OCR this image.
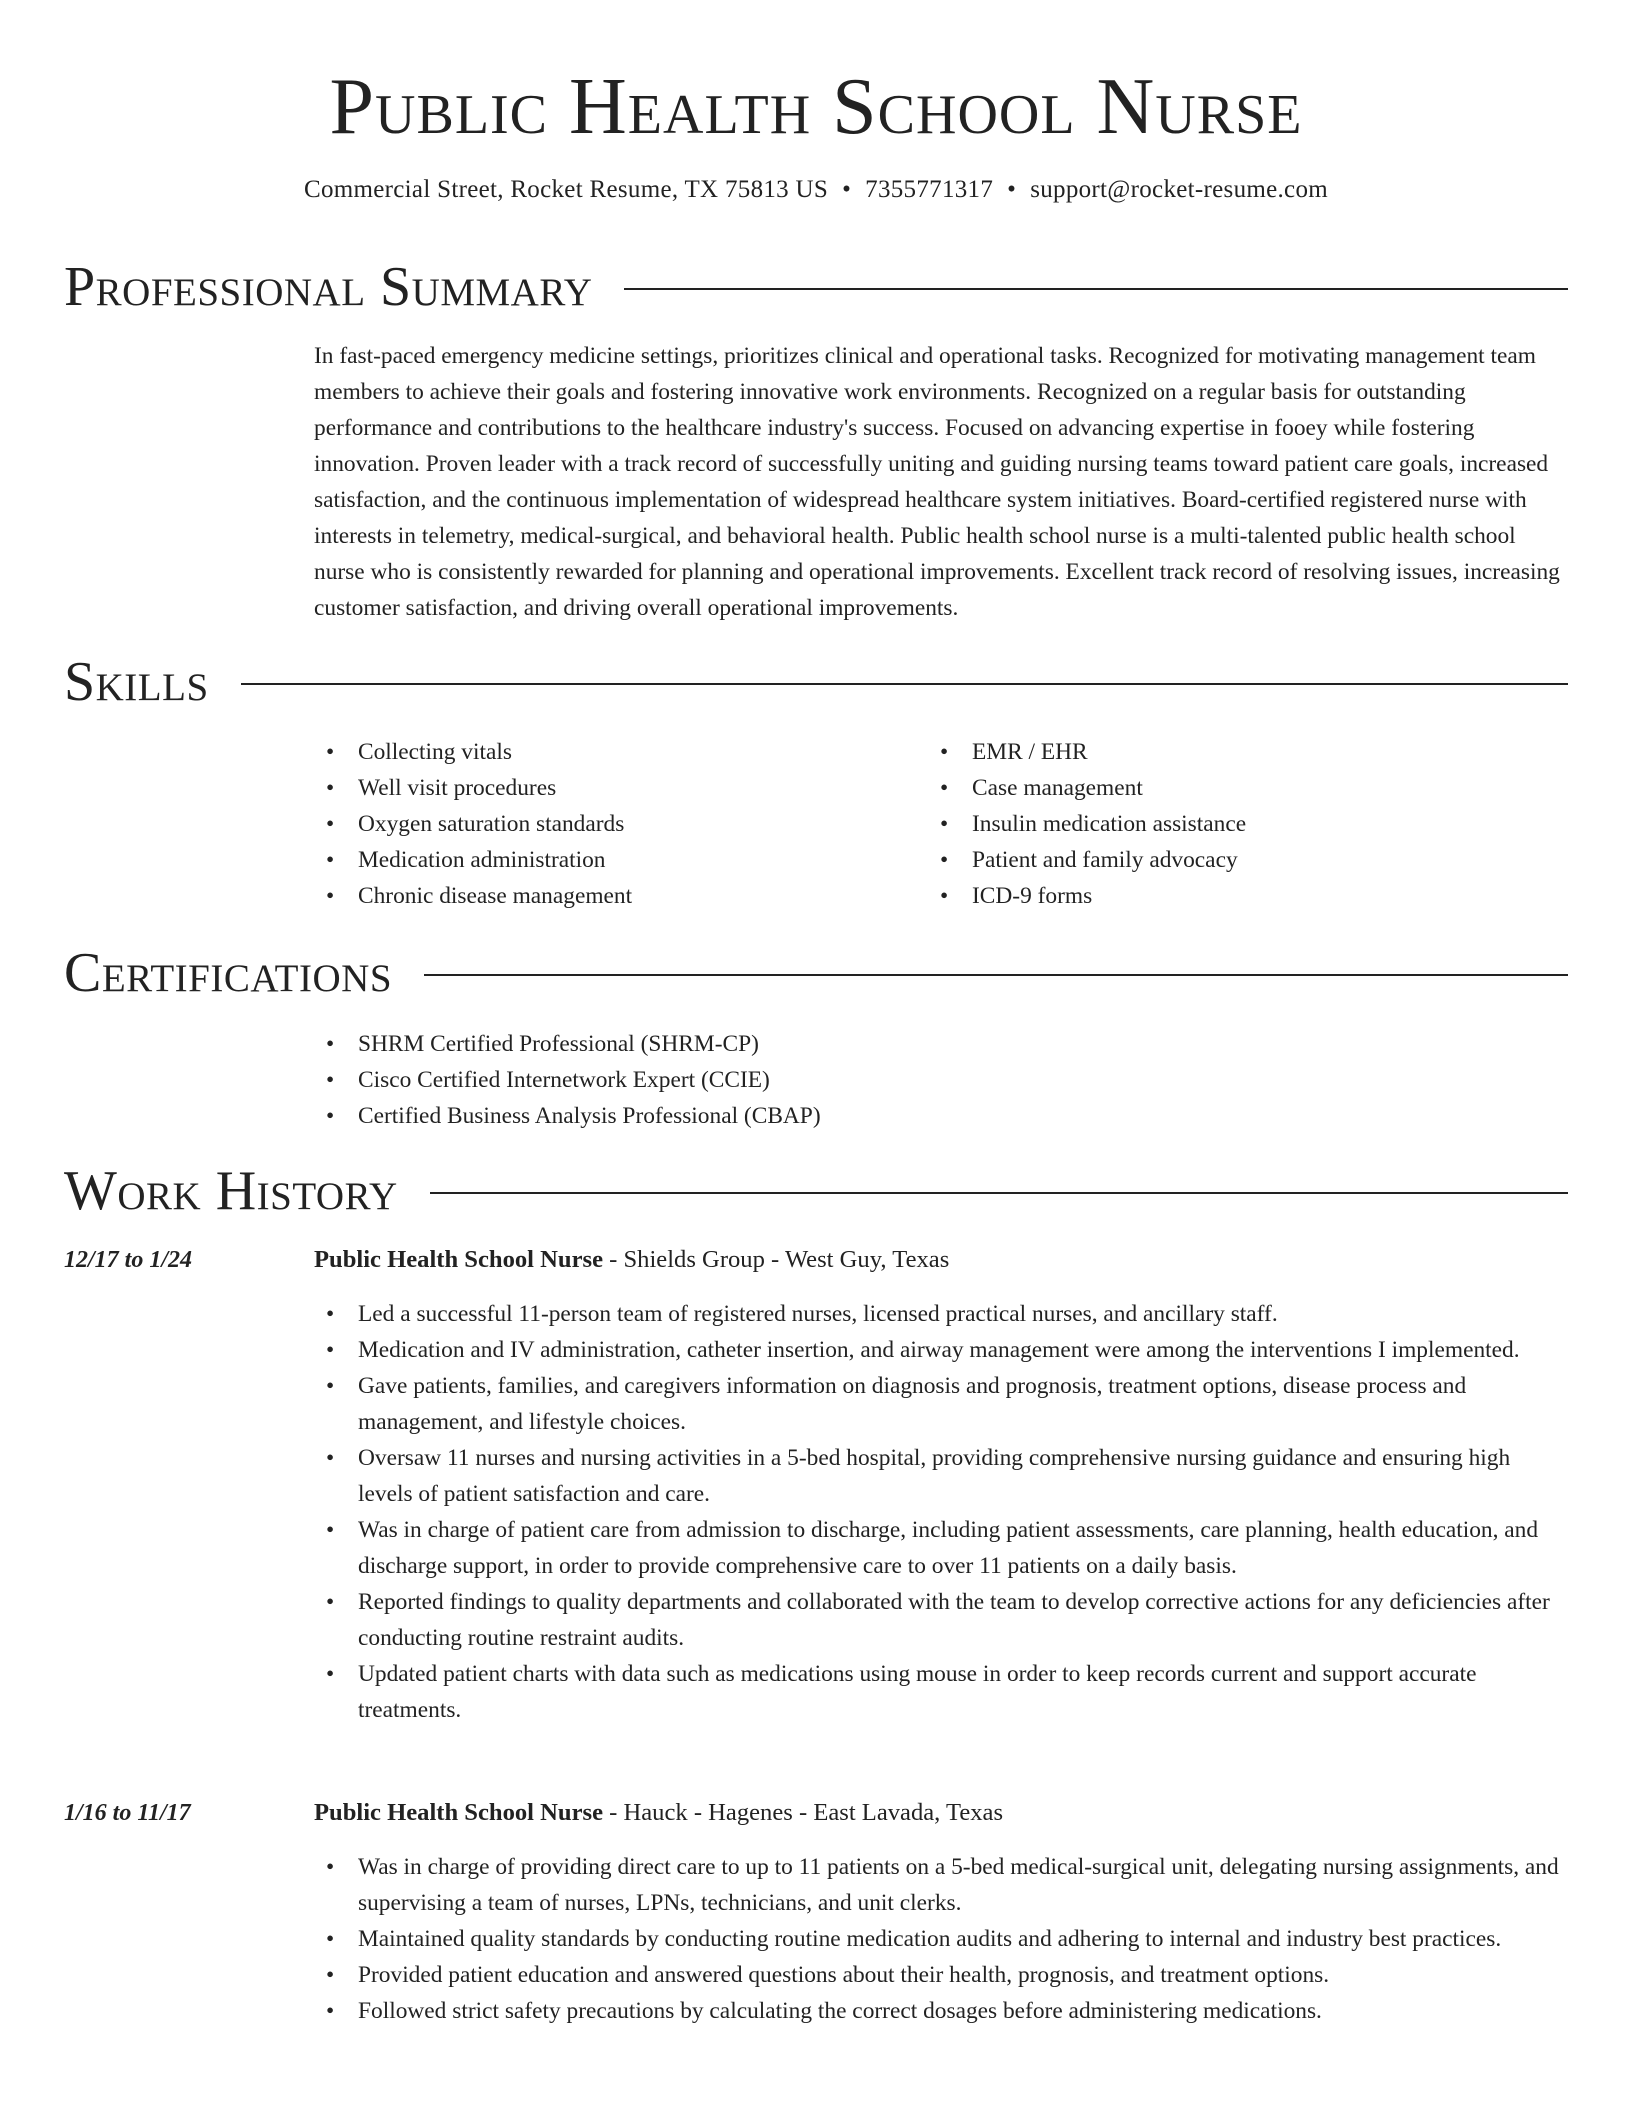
Public Health School Nurse
Commercial Street, Rocket Resume, TX 75813 US • 7355771317 • support@rocket-resume.com
Professional Summary

In fast-paced emergency medicine settings, prioritizes clinical and operational tasks. Recognized for motivating management team members to achieve their goals and fostering innovative work environments. Recognized on a regular basis for outstanding performance and contributions to the healthcare industry's success. Focused on advancing expertise in fooey while fostering innovation. Proven leader with a track record of successfully uniting and guiding nursing teams toward patient care goals, increased satisfaction, and the continuous implementation of widespread healthcare system initiatives. Board-certified registered nurse with interests in telemetry, medical-surgical, and behavioral health. Public health school nurse is a multi-talented public health school nurse who is consistently rewarded for planning and operational improvements. Excellent track record of resolving issues, increasing customer satisfaction, and driving overall operational improvements.

Skills
• Collecting vitals
• Well visit procedures
• Oxygen saturation standards
• Medication administration
• Chronic disease management
• EMR / EHR
• Case management
• Insulin medication assistance
• Patient and family advocacy
• ICD-9 forms
Certifications
• SHRM Certified Professional (SHRM-CP)
• Cisco Certified Internetwork Expert (CCIE)
• Certified Business Analysis Professional (CBAP)
Work History
12/17 to 1/24	Public Health School Nurse - Shields Group - West Guy, Texas
• Led a successful 11-person team of registered nurses, licensed practical nurses, and ancillary staff.
• Medication and IV administration, catheter insertion, and airway management were among the interventions I implemented.
• Gave patients, families, and caregivers information on diagnosis and prognosis, treatment options, disease process and management, and lifestyle choices.
• Oversaw 11 nurses and nursing activities in a 5-bed hospital, providing comprehensive nursing guidance and ensuring high levels of patient satisfaction and care.
• Was in charge of patient care from admission to discharge, including patient assessments, care planning, health education, and discharge support, in order to provide comprehensive care to over 11 patients on a daily basis.
• Reported findings to quality departments and collaborated with the team to develop corrective actions for any deficiencies after conducting routine restraint audits.
• Updated patient charts with data such as medications using mouse in order to keep records current and support accurate treatments.
1/16 to 11/17	Public Health School Nurse - Hauck - Hagenes - East Lavada, Texas
• Was in charge of providing direct care to up to 11 patients on a 5-bed medical-surgical unit, delegating nursing assignments, and supervising a team of nurses, LPNs, technicians, and unit clerks.
• Maintained quality standards by conducting routine medication audits and adhering to internal and industry best practices.
• Provided patient education and answered questions about their health, prognosis, and treatment options.
• Followed strict safety precautions by calculating the correct dosages before administering medications.
